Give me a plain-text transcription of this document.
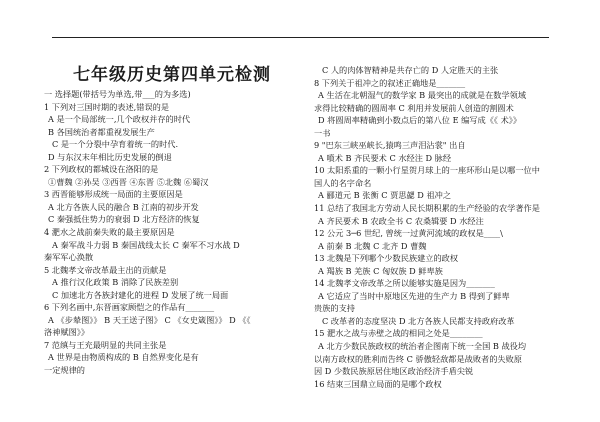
七年级历史第四单元检测
一 选择题(带括号为单选,带___的为多选)
1 下列对三国时期的表述,错误的是
A 是一个局部统一,几个政权并存的时代
B 各国统治者都重视发展生产
C 是一个分裂中孕育着统一的时代.
D 与东汉末年相比历史发展的倒退
2 下列政权的都城设在洛阳的是
①曹魏 ②孙吴 ③西晋 ④东晋 ⑤北魏 ⑥蜀汉
3 西晋能够形成统一局面的主要原因是
A 北方各族人民的融合 B 江南的初步开发
C 秦强抵住势力的衰弱 D 北方经济的恢复
4 淝水之战前秦失败的最主要原因是
A 秦军战斗力弱 B 秦国战线太长 C 秦军不习水战 D
秦军军心涣散
5 北魏孝文帝改革最主出的贡献是
A 推行汉化政策 B 消除了民族差别
C 加速北方各族封建化的进程 D 发展了统一局面
6 下列名画中,东晋画家顾恺之的作品有_______
A 《步辇图》》 B 天王送子图》 C 《女史箴图》》 D 《《
洛神赋图》》
7 范缜与王充最明显的共同主张是
A 世界是由物质构成的 B 自然界变化是有
一定规律的
C 人的肉体智精神是共存亡的 D 人定胜天的主张
8 下列关于祖冲之的叙述正确地是_______
A 生活在北朝湿气的数学家 B 最突出的成就是在数学领域
求得比较精确的圆周率 C 利用并发展前人创造的割圆术
D 将圆周率精确到小数点后的第八位 E 编写成《《 术》》
一书
9 "巴东三峡巫峡长,猿鸣三声泪沾裳" 出自
A 噴术 B 齐民要术 C 水经注 D 脉经
10 太阳系重的一颗小行星贺月球上的一座环形山是以哪一位中
国人的名字命名
A 郦道元 B 张衡 C 贾思勰 D 祖冲之
11 总结了我国北方劳动人民长期积累的生产经验的农学著作是
A 齐民要术 B 农政全书 C 农桑辑要 D 水经注
12 公元 3─6 世纪, 曾统一过黄河流域的政权是____\
A 前秦 B 北魏 C 北齐 D 曹魏
13 北魏是下列哪个少数民族建立的政权
A 羯族 B 羌族 C 匈奴族 D 鲜卑族
14 北魏孝文帝改革之所以能够实施是因为_______
A 它适应了当时中原地区先进的生产力 B 得到了鲜卑
贵族的支持
C 改革者的态度坚决 D 北方各族人民都支持政府改革
15 淝水之战与赤壁之战的相同之处是________
A 北方少数民族政权的统治者企图南下统一全国 B 战役均
以南方政权的胜利而告终 C 骄傲轻敌都是战败者的失败原
因 D 少数民族原居住地区政治经济手盾尖锐
16 结束三国鼎立局面的是哪个政权
